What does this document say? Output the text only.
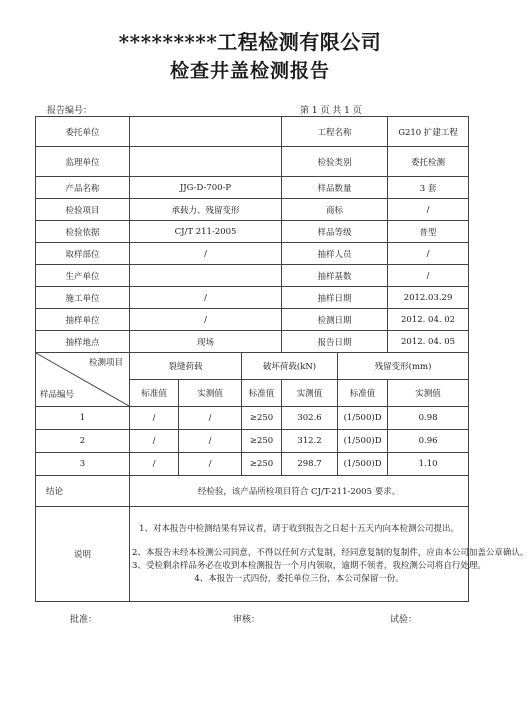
*********工程检测有限公司
检查井盖检测报告
报告编号：	第 1 页 共 1 页
委托单位				工程名称		G210 扩建工程
监理单位				检验类别		委托检测
产品名称	JJG-D-700-P			样品数量		3 套
检验项目	承载力、残留变形			商标		/
检验依据	CJ/T 211-2005			样品等级		普型
取样部位	/			抽样人员		/
生产单位				抽样基数		/
施工单位	/			抽样日期		2012.03.29
抽样单位	/			检测日期		2012. 04. 02
抽样地点	现场			报告日期		2012. 04. 05

检测项目
样品编号	裂缝荷载		破坏荷载(kN)		残留变形(mm)	
	标准值	实测值	标准值	实测值	标准值	实测值
1	/	/	≥250	302.6	(1/500)D	0.98
2	/	/	≥250	312.2	(1/500)D	0.96
3	/	/	≥250	298.7	(1/500)D	1.10
结论	经检验，该产品所检项目符合 CJ/T-211-2005 要求。					
说明	1、对本报告中检测结果有异议者，请于收到报告之日起十五天内向本检测公司提出。
2、本报告未经本检测公司同意，不得以任何方式复制，经同意复制的复制件，应由本公司加盖公章确认。
3、受检剩余样品务必在收到本检测报告一个月内领取，逾期不领者，我检测公司将自行处理。
4、本报告一式四份，委托单位三份，本公司保留一份。					
批准：	审核：	试验：
